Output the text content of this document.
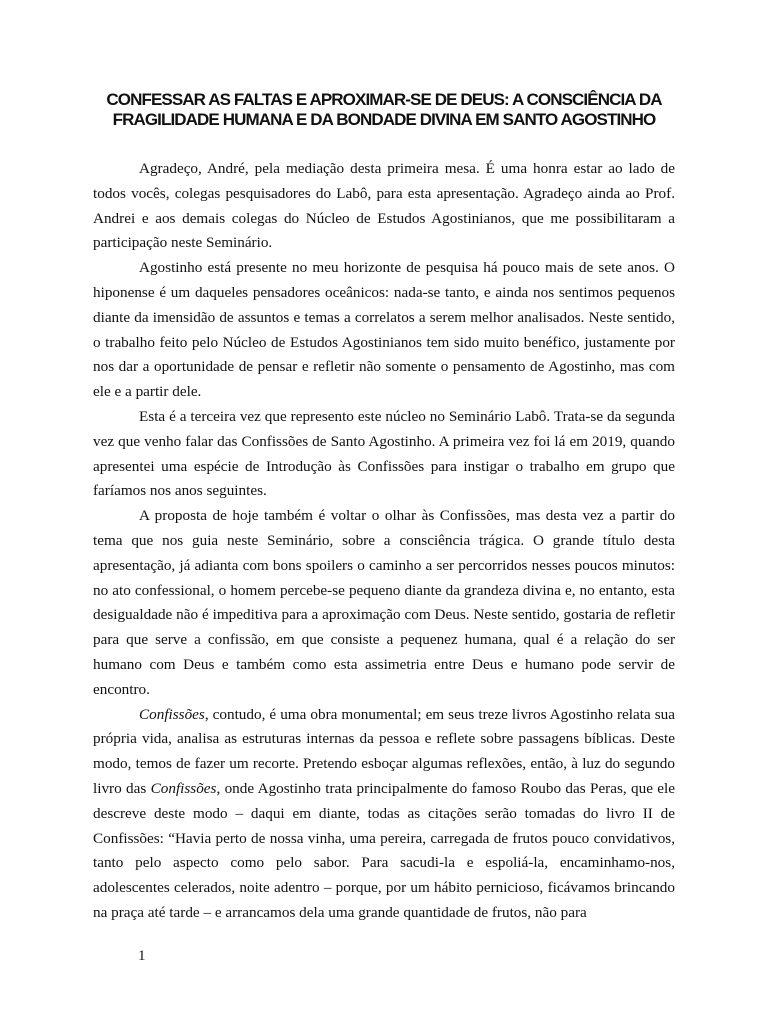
CONFESSAR AS FALTAS E APROXIMAR-SE DE DEUS: A CONSCIÊNCIA DA FRAGILIDADE HUMANA E DA BONDADE DIVINA EM SANTO AGOSTINHO

Agradeço, André, pela mediação desta primeira mesa. É uma honra estar ao lado de todos vocês, colegas pesquisadores do Labô, para esta apresentação. Agradeço ainda ao Prof. Andrei e aos demais colegas do Núcleo de Estudos Agostinianos, que me possibilitaram a participação neste Seminário.

Agostinho está presente no meu horizonte de pesquisa há pouco mais de sete anos. O hiponense é um daqueles pensadores oceânicos: nada-se tanto, e ainda nos sentimos pequenos diante da imensidão de assuntos e temas a correlatos a serem melhor analisados. Neste sentido, o trabalho feito pelo Núcleo de Estudos Agostinianos tem sido muito benéfico, justamente por nos dar a oportunidade de pensar e refletir não somente o pensamento de Agostinho, mas com ele e a partir dele.

Esta é a terceira vez que represento este núcleo no Seminário Labô. Trata-se da segunda vez que venho falar das Confissões de Santo Agostinho. A primeira vez foi lá em 2019, quando apresentei uma espécie de Introdução às Confissões para instigar o trabalho em grupo que faríamos nos anos seguintes.

A proposta de hoje também é voltar o olhar às Confissões, mas desta vez a partir do tema que nos guia neste Seminário, sobre a consciência trágica. O grande título desta apresentação, já adianta com bons spoilers o caminho a ser percorridos nesses poucos minutos: no ato confessional, o homem percebe-se pequeno diante da grandeza divina e, no entanto, esta desigualdade não é impeditiva para a aproximação com Deus. Neste sentido, gostaria de refletir para que serve a confissão, em que consiste a pequenez humana, qual é a relação do ser humano com Deus e também como esta assimetria entre Deus e humano pode servir de encontro.

Confissões, contudo, é uma obra monumental; em seus treze livros Agostinho relata sua própria vida, analisa as estruturas internas da pessoa e reflete sobre passagens bíblicas. Deste modo, temos de fazer um recorte. Pretendo esboçar algumas reflexões, então, à luz do segundo livro das Confissões, onde Agostinho trata principalmente do famoso Roubo das Peras, que ele descreve deste modo – daqui em diante, todas as citações serão tomadas do livro II de Confissões: “Havia perto de nossa vinha, uma pereira, carregada de frutos pouco convidativos, tanto pelo aspecto como pelo sabor. Para sacudi-la e espoliá-la, encaminhamo-nos, adolescentes celerados, noite adentro – porque, por um hábito pernicioso, ficávamos brincando na praça até tarde – e arrancamos dela uma grande quantidade de frutos, não para

1
